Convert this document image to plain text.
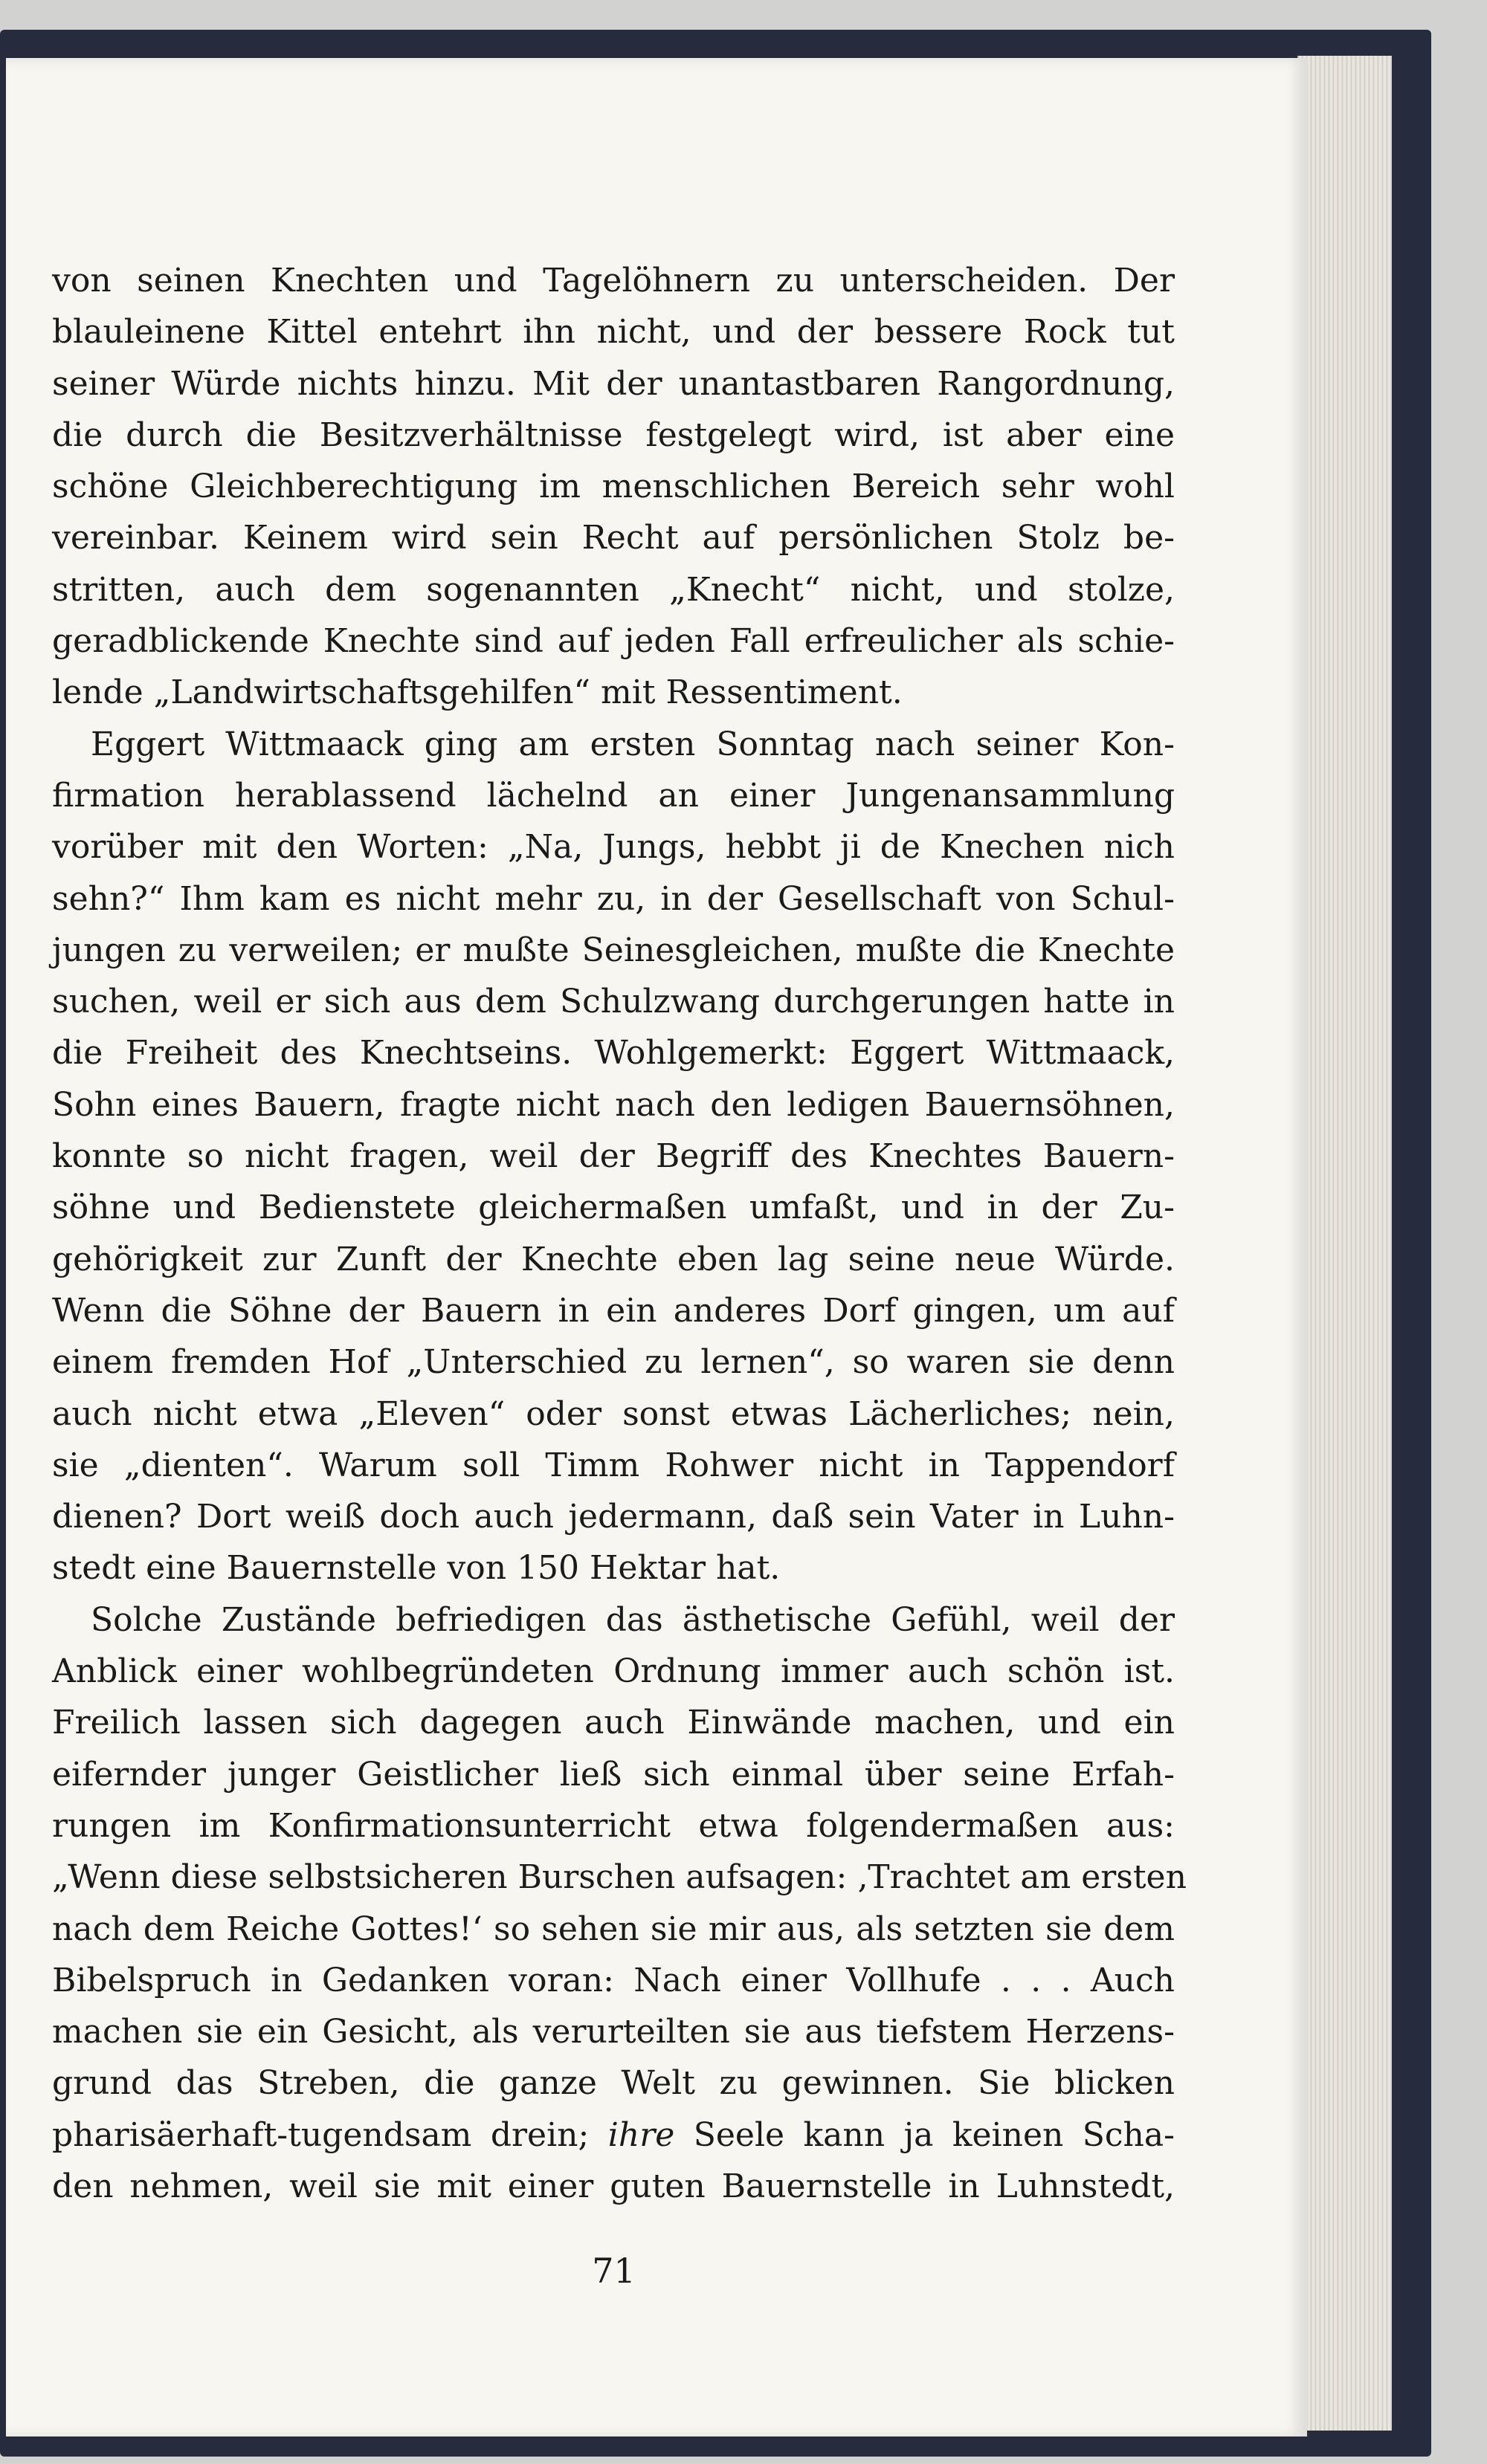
von seinen Knechten und Tagelöhnern zu unterscheiden. Der
blauleinene Kittel entehrt ihn nicht, und der bessere Rock tut
seiner Würde nichts hinzu. Mit der unantastbaren Rangordnung,
die durch die Besitzverhältnisse festgelegt wird, ist aber eine
schöne Gleichberechtigung im menschlichen Bereich sehr wohl
vereinbar. Keinem wird sein Recht auf persönlichen Stolz be-
stritten, auch dem sogenannten „Knecht“ nicht, und stolze,
geradblickende Knechte sind auf jeden Fall erfreulicher als schie-
lende „Landwirtschaftsgehilfen“ mit Ressentiment.
Eggert Wittmaack ging am ersten Sonntag nach seiner Kon-
firmation herablassend lächelnd an einer Jungenansammlung
vorüber mit den Worten: „Na, Jungs, hebbt ji de Knechen nich
sehn?“ Ihm kam es nicht mehr zu, in der Gesellschaft von Schul-
jungen zu verweilen; er mußte Seinesgleichen, mußte die Knechte
suchen, weil er sich aus dem Schulzwang durchgerungen hatte in
die Freiheit des Knechtseins. Wohlgemerkt: Eggert Wittmaack,
Sohn eines Bauern, fragte nicht nach den ledigen Bauernsöhnen,
konnte so nicht fragen, weil der Begriff des Knechtes Bauern-
söhne und Bedienstete gleichermaßen umfaßt, und in der Zu-
gehörigkeit zur Zunft der Knechte eben lag seine neue Würde.
Wenn die Söhne der Bauern in ein anderes Dorf gingen, um auf
einem fremden Hof „Unterschied zu lernen“, so waren sie denn
auch nicht etwa „Eleven“ oder sonst etwas Lächerliches; nein,
sie „dienten“. Warum soll Timm Rohwer nicht in Tappendorf
dienen? Dort weiß doch auch jedermann, daß sein Vater in Luhn-
stedt eine Bauernstelle von 150 Hektar hat.
Solche Zustände befriedigen das ästhetische Gefühl, weil der
Anblick einer wohlbegründeten Ordnung immer auch schön ist.
Freilich lassen sich dagegen auch Einwände machen, und ein
eifernder junger Geistlicher ließ sich einmal über seine Erfah-
rungen im Konfirmationsunterricht etwa folgendermaßen aus:
„Wenn diese selbstsicheren Burschen aufsagen: ‚Trachtet am ersten
nach dem Reiche Gottes!‘ so sehen sie mir aus, als setzten sie dem
Bibelspruch in Gedanken voran: Nach einer Vollhufe . . . Auch
machen sie ein Gesicht, als verurteilten sie aus tiefstem Herzens-
grund das Streben, die ganze Welt zu gewinnen. Sie blicken
pharisäerhaft-tugendsam drein; ihre Seele kann ja keinen Scha-
den nehmen, weil sie mit einer guten Bauernstelle in Luhnstedt,
71
